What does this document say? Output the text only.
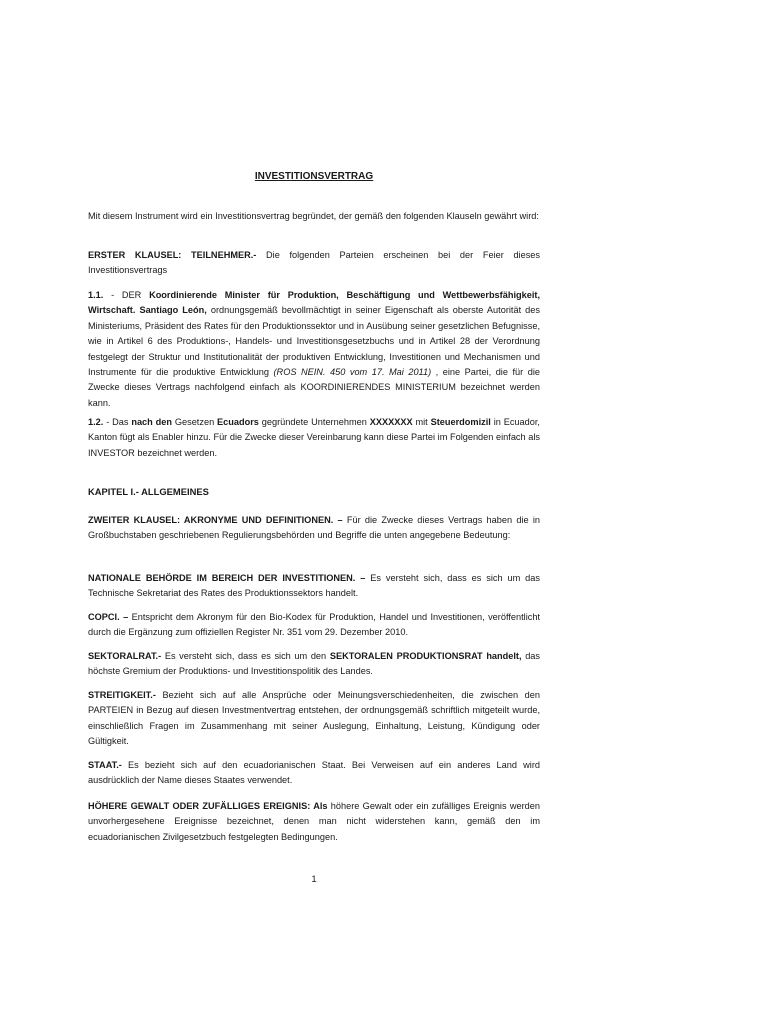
INVESTITIONSVERTRAG

Mit diesem Instrument wird ein Investitionsvertrag begründet, der gemäß den folgenden Klauseln gewährt wird:

ERSTER KLAUSEL: TEILNEHMER.- Die folgenden Parteien erscheinen bei der Feier dieses Investitionsvertrags

1.1. - DER Koordinierende Minister für Produktion, Beschäftigung und Wettbewerbsfähigkeit, Wirtschaft. Santiago León, ordnungsgemäß bevollmächtigt in seiner Eigenschaft als oberste Autorität des Ministeriums, Präsident des Rates für den Produktionssektor und in Ausübung seiner gesetzlichen Befugnisse, wie in Artikel 6 des Produktions-, Handels- und Investitionsgesetzbuchs und in Artikel 28 der Verordnung festgelegt der Struktur und Institutionalität der produktiven Entwicklung, Investitionen und Mechanismen und Instrumente für die produktive Entwicklung (ROS NEIN. 450 vom 17. Mai 2011) , eine Partei, die für die Zwecke dieses Vertrags nachfolgend einfach als KOORDINIERENDES MINISTERIUM bezeichnet werden kann.

1.2. - Das nach den Gesetzen Ecuadors gegründete Unternehmen XXXXXXX mit Steuerdomizil in Ecuador, Kanton fügt als Enabler hinzu. Für die Zwecke dieser Vereinbarung kann diese Partei im Folgenden einfach als INVESTOR bezeichnet werden.

KAPITEL I.- ALLGEMEINES

ZWEITER KLAUSEL: AKRONYME UND DEFINITIONEN. – Für die Zwecke dieses Vertrags haben die in Großbuchstaben geschriebenen Regulierungsbehörden und Begriffe die unten angegebene Bedeutung:

NATIONALE BEHÖRDE IM BEREICH DER INVESTITIONEN. – Es versteht sich, dass es sich um das Technische Sekretariat des Rates des Produktionssektors handelt.

COPCI. – Entspricht dem Akronym für den Bio-Kodex für Produktion, Handel und Investitionen, veröffentlicht durch die Ergänzung zum offiziellen Register Nr. 351 vom 29. Dezember 2010.

SEKTORALRAT.- Es versteht sich, dass es sich um den SEKTORALEN PRODUKTIONSRAT handelt, das höchste Gremium der Produktions- und Investitionspolitik des Landes.

STREITIGKEIT.- Bezieht sich auf alle Ansprüche oder Meinungsverschiedenheiten, die zwischen den PARTEIEN in Bezug auf diesen Investmentvertrag entstehen, der ordnungsgemäß schriftlich mitgeteilt wurde, einschließlich Fragen im Zusammenhang mit seiner Auslegung, Einhaltung, Leistung, Kündigung oder Gültigkeit.

STAAT.- Es bezieht sich auf den ecuadorianischen Staat. Bei Verweisen auf ein anderes Land wird ausdrücklich der Name dieses Staates verwendet.

HÖHERE GEWALT ODER ZUFÄLLIGES EREIGNIS: Als höhere Gewalt oder ein zufälliges Ereignis werden unvorhergesehene Ereignisse bezeichnet, denen man nicht widerstehen kann, gemäß den im ecuadorianischen Zivilgesetzbuch festgelegten Bedingungen.

1
